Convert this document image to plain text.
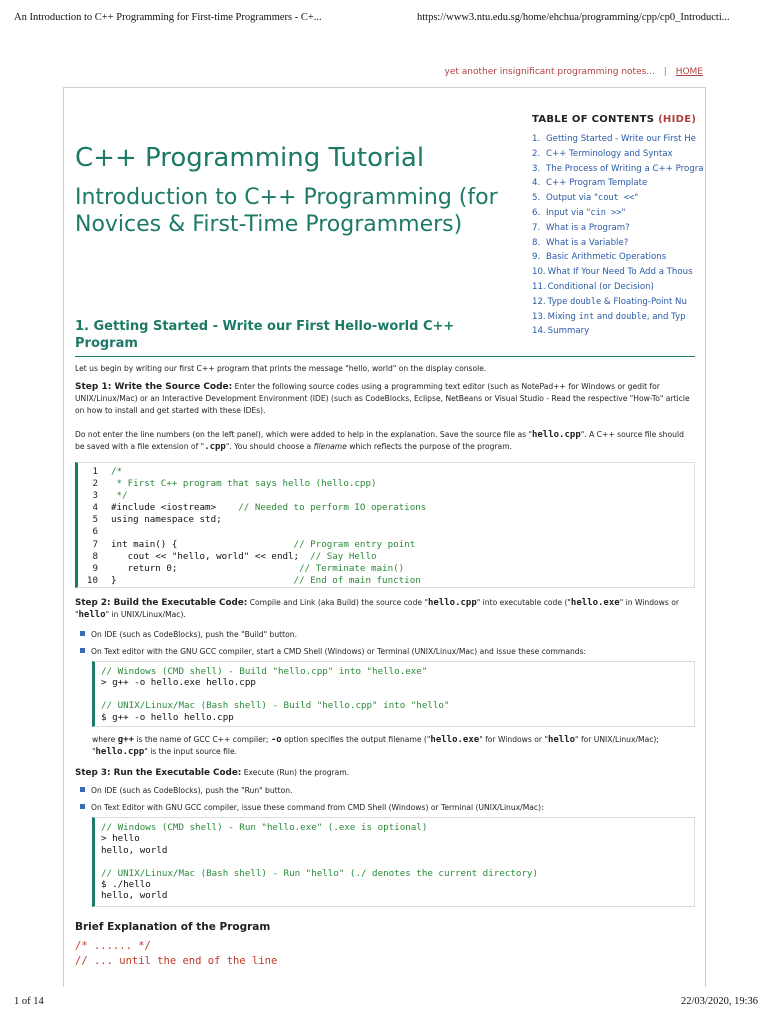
An Introduction to C++ Programming for First-time Programmers - C+...	https://www3.ntu.edu.sg/home/ehchua/programming/cpp/cp0_Introducti...
yet another insignificant programming notes... | HOME
TABLE OF CONTENTS (HIDE)
1. Getting Started - Write our First He
2. C++ Terminology and Syntax
3. The Process of Writing a C++ Progra
4. C++ Program Template
5. Output via "cout <<"
6. Input via "cin >>"
7. What is a Program?
8. What is a Variable?
9. Basic Arithmetic Operations
10. What If Your Need To Add a Thous
11. Conditional (or Decision)
12. Type double & Floating-Point Nu
13. Mixing int and double, and Typ
14. Summary
C++ Programming Tutorial
Introduction to C++ Programming (for Novices & First-Time Programmers)
1. Getting Started - Write our First Hello-world C++ Program

Let us begin by writing our first C++ program that prints the message "hello, world" on the display console.

Step 1: Write the Source Code: Enter the following source codes using a programming text editor (such as NotePad++ for Windows or gedit for UNIX/Linux/Mac) or an Interactive Development Environment (IDE) (such as CodeBlocks, Eclipse, NetBeans or Visual Studio - Read the respective "How-To" article on how to install and get started with these IDEs).

Do not enter the line numbers (on the left panel), which were added to help in the explanation. Save the source file as "hello.cpp". A C++ source file should be saved with a file extension of ".cpp". You should choose a filename which reflects the purpose of the program.

1 /*
2 * First C++ program that says hello (hello.cpp)
3 */
4 #include <iostream>    // Needed to perform IO operations
5 using namespace std;
6
7 int main() {                     // Program entry point
8 cout << "hello, world" << endl;  // Say Hello
9 return 0;                      // Terminate main()
10 }                                // End of main function

Step 2: Build the Executable Code: Compile and Link (aka Build) the source code "hello.cpp" into executable code ("hello.exe" in Windows or "hello" in UNIX/Linux/Mac).

On IDE (such as CodeBlocks), push the "Build" button.
On Text editor with the GNU GCC compiler, start a CMD Shell (Windows) or Terminal (UNIX/Linux/Mac) and issue these commands:
// Windows (CMD shell) - Build "hello.cpp" into "hello.exe"
> g++ -o hello.exe hello.cpp
// UNIX/Linux/Mac (Bash shell) - Build "hello.cpp" into "hello"
$ g++ -o hello hello.cpp

where g++ is the name of GCC C++ compiler; -o option specifies the output filename ("hello.exe" for Windows or "hello" for UNIX/Linux/Mac); "hello.cpp" is the input source file.

Step 3: Run the Executable Code: Execute (Run) the program.

On IDE (such as CodeBlocks), push the "Run" button.
On Text Editor with GNU GCC compiler, issue these command from CMD Shell (Windows) or Terminal (UNIX/Linux/Mac):
// Windows (CMD shell) - Run "hello.exe" (.exe is optional)
> hello
hello, world
// UNIX/Linux/Mac (Bash shell) - Run "hello" (./ denotes the current directory)
$ ./hello
hello, world
Brief Explanation of the Program
/* ...... */
// ... until the end of the line
1 of 14	22/03/2020, 19:36
